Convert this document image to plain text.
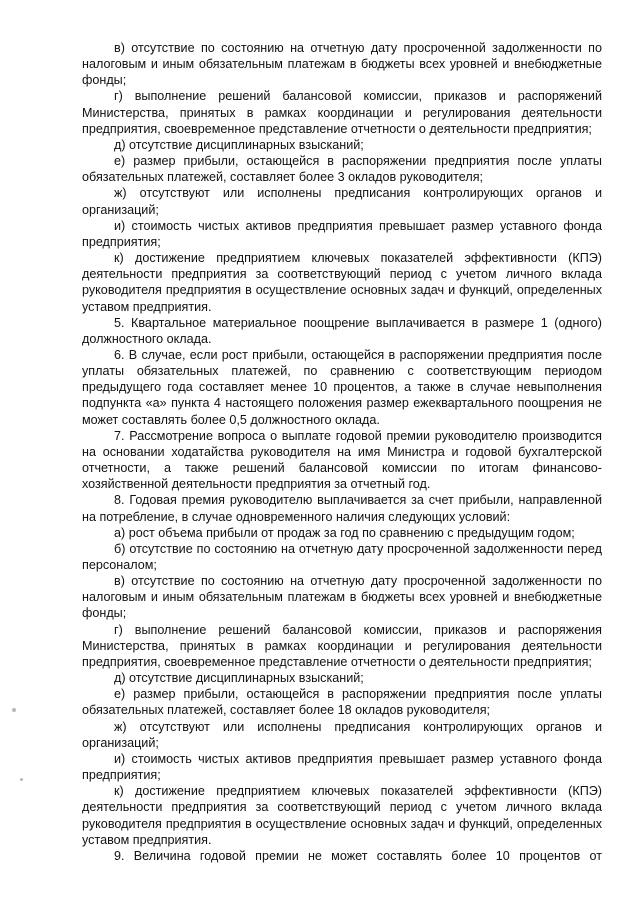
в) отсутствие по состоянию на отчетную дату просроченной задолженности по налоговым и иным обязательным платежам в бюджеты всех уровней и внебюджетные фонды;

г) выполнение решений балансовой комиссии, приказов и распоряжений Министерства, принятых в рамках координации и регулирования деятельности предприятия, своевременное представление отчетности о деятельности предприятия;

д) отсутствие дисциплинарных взысканий;

е) размер прибыли, остающейся в распоряжении предприятия после уплаты обязательных платежей, составляет более 3 окладов руководителя;

ж) отсутствуют или исполнены предписания контролирующих органов и организаций;

и) стоимость чистых активов предприятия превышает размер уставного фонда предприятия;

к) достижение предприятием ключевых показателей эффективности (КПЭ) деятельности предприятия за соответствующий период с учетом личного вклада руководителя предприятия в осуществление основных задач и функций, определенных уставом предприятия.

5. Квартальное материальное поощрение выплачивается в размере 1 (одного) должностного оклада.

6. В случае, если рост прибыли, остающейся в распоряжении предприятия после уплаты обязательных платежей, по сравнению с соответствующим периодом предыдущего года составляет менее 10 процентов, а также в случае невыполнения подпункта «а» пункта 4 настоящего положения размер ежеквартального поощрения не может составлять более 0,5 должностного оклада.

7. Рассмотрение вопроса о выплате годовой премии руководителю производится на основании ходатайства руководителя на имя Министра и годовой бухгалтерской отчетности, а также решений балансовой комиссии по итогам финансово-хозяйственной деятельности предприятия за отчетный год.

8. Годовая премия руководителю выплачивается за счет прибыли, направленной на потребление, в случае одновременного наличия следующих условий:

а) рост объема прибыли от продаж за год по сравнению с предыдущим годом;

б) отсутствие по состоянию на отчетную дату просроченной задолженности перед персоналом;

в) отсутствие по состоянию на отчетную дату просроченной задолженности по налоговым и иным обязательным платежам в бюджеты всех уровней и внебюджетные фонды;

г) выполнение решений балансовой комиссии, приказов и распоряжения Министерства, принятых в рамках координации и регулирования деятельности предприятия, своевременное представление отчетности о деятельности предприятия;

д) отсутствие дисциплинарных взысканий;

е) размер прибыли, остающейся в распоряжении предприятия после уплаты обязательных платежей, составляет более 18 окладов руководителя;

ж) отсутствуют или исполнены предписания контролирующих органов и организаций;

и) стоимость чистых активов предприятия превышает размер уставного фонда предприятия;

к) достижение предприятием ключевых показателей эффективности (КПЭ) деятельности предприятия за соответствующий период с учетом личного вклада руководителя предприятия в осуществление основных задач и функций, определенных уставом предприятия.

9. Величина годовой премии не может составлять более 10 процентов от
